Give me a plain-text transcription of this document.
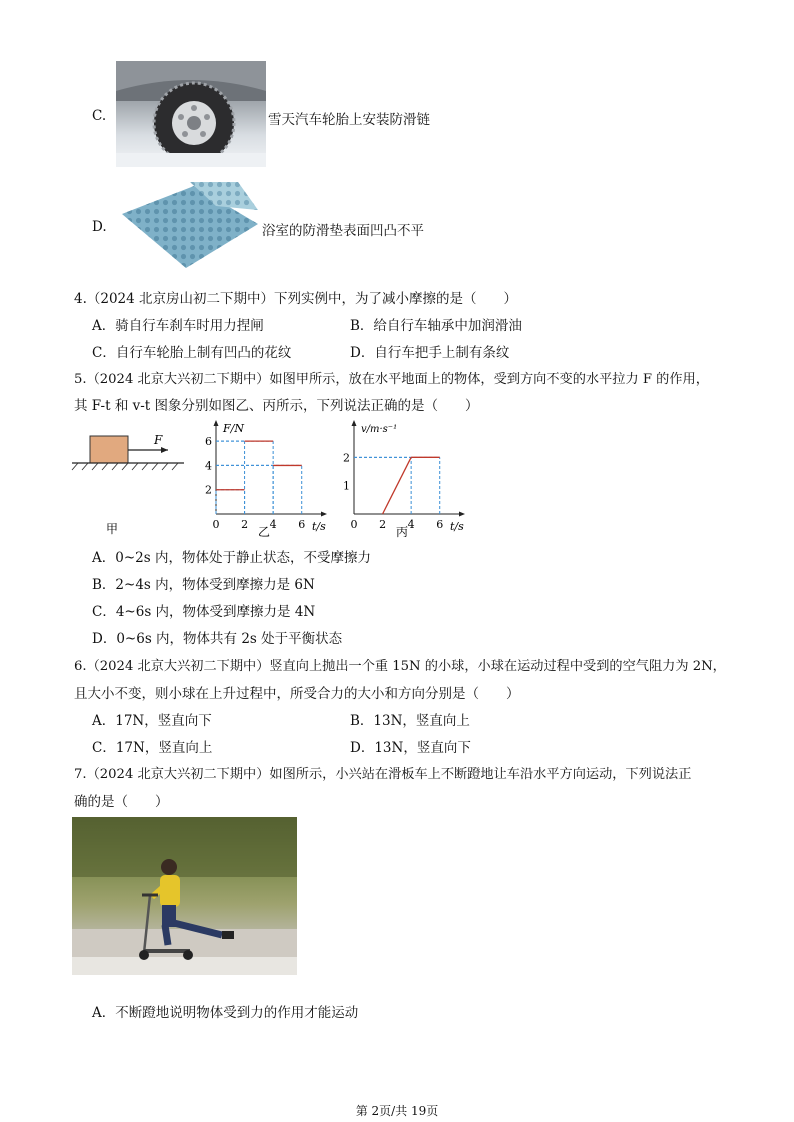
C.	雪天汽车轮胎上安装防滑链
D.	浴室的防滑垫表面凹凸不平
4.（2024 北京房山初二下期中）下列实例中，为了减小摩擦的是（　　）
A．骑自行车刹车时用力捏闸	B．给自行车轴承中加润滑油
C．自行车轮胎上制有凹凸的花纹	D．自行车把手上制有条纹
5.（2024 北京大兴初二下期中）如图甲所示，放在水平地面上的物体，受到方向不变的水平拉力 F 的作用，
其 F-t 和 v-t 图象分别如图乙、丙所示，下列说法正确的是（　　）
F
甲
F/N
t/s
乙
0 2 4 6
2
4
6
v/m·s⁻¹
t/s
丙
0 2 4 6
1
2
A．0~2s 内，物体处于静止状态，不受摩擦力
B．2~4s 内，物体受到摩擦力是 6N
C．4~6s 内，物体受到摩擦力是 4N
D．0~6s 内，物体共有 2s 处于平衡状态
6.（2024 北京大兴初二下期中）竖直向上抛出一个重 15N 的小球，小球在运动过程中受到的空气阻力为 2N，
且大小不变，则小球在上升过程中，所受合力的大小和方向分别是（　　）
A．17N，竖直向下	B．13N，竖直向上
C．17N，竖直向上	D．13N，竖直向下
7.（2024 北京大兴初二下期中）如图所示，小兴站在滑板车上不断蹬地让车沿水平方向运动，下列说法正
确的是（　　）
A．不断蹬地说明物体受到力的作用才能运动
第 2页/共 19页
